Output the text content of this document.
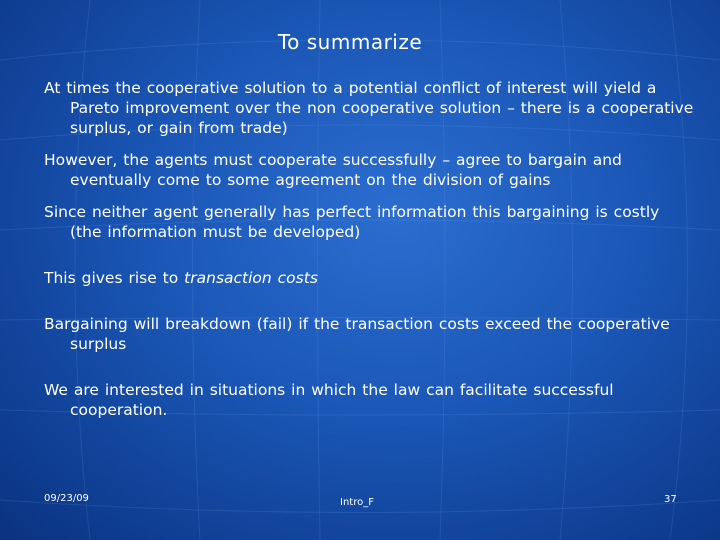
To summarize

At times the cooperative solution to a potential conflict of interest will yield a Pareto improvement over the non cooperative solution – there is a cooperative surplus, or gain from trade)

However, the agents must cooperate successfully – agree to bargain and eventually come to some agreement on the division of gains

Since neither agent generally has perfect information this bargaining is costly (the information must be developed)

This gives rise to transaction costs

Bargaining will breakdown (fail) if the transaction costs exceed the cooperative surplus

We are interested in situations in which the law can facilitate successful cooperation.

09/23/09	Intro_F	37
